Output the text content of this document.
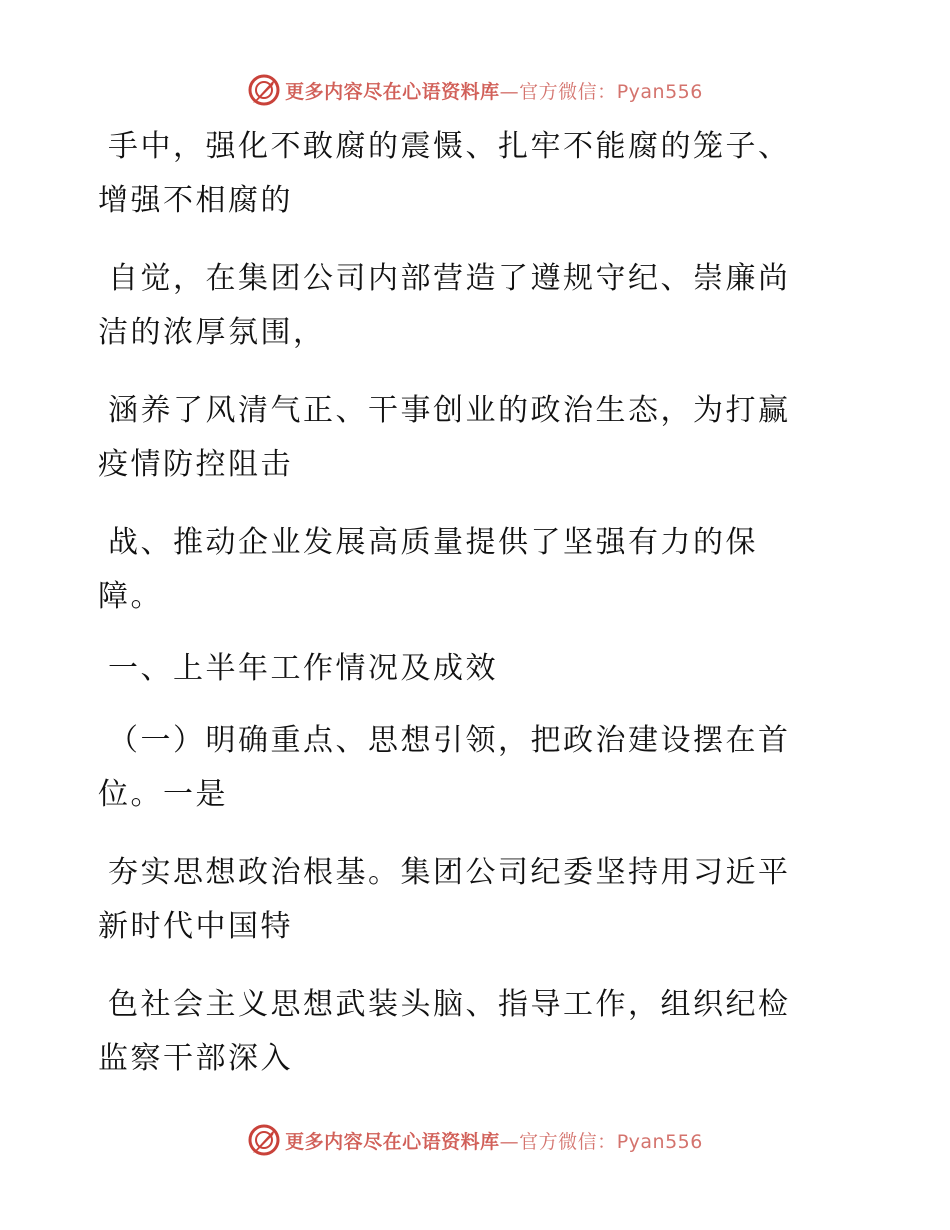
更多内容尽在心语资料库—官方微信：Pyan556

手中，强化不敢腐的震慑、扎牢不能腐的笼子、
增强不相腐的

自觉，在集团公司内部营造了遵规守纪、崇廉尚
洁的浓厚氛围，

涵养了风清气正、干事创业的政治生态，为打赢
疫情防控阻击

战、推动企业发展高质量提供了坚强有力的保
障。

一、上半年工作情况及成效

（一）明确重点、思想引领，把政治建设摆在首
位。一是

夯实思想政治根基。集团公司纪委坚持用习近平
新时代中国特

色社会主义思想武装头脑、指导工作，组织纪检
监察干部深入

更多内容尽在心语资料库—官方微信：Pyan556
